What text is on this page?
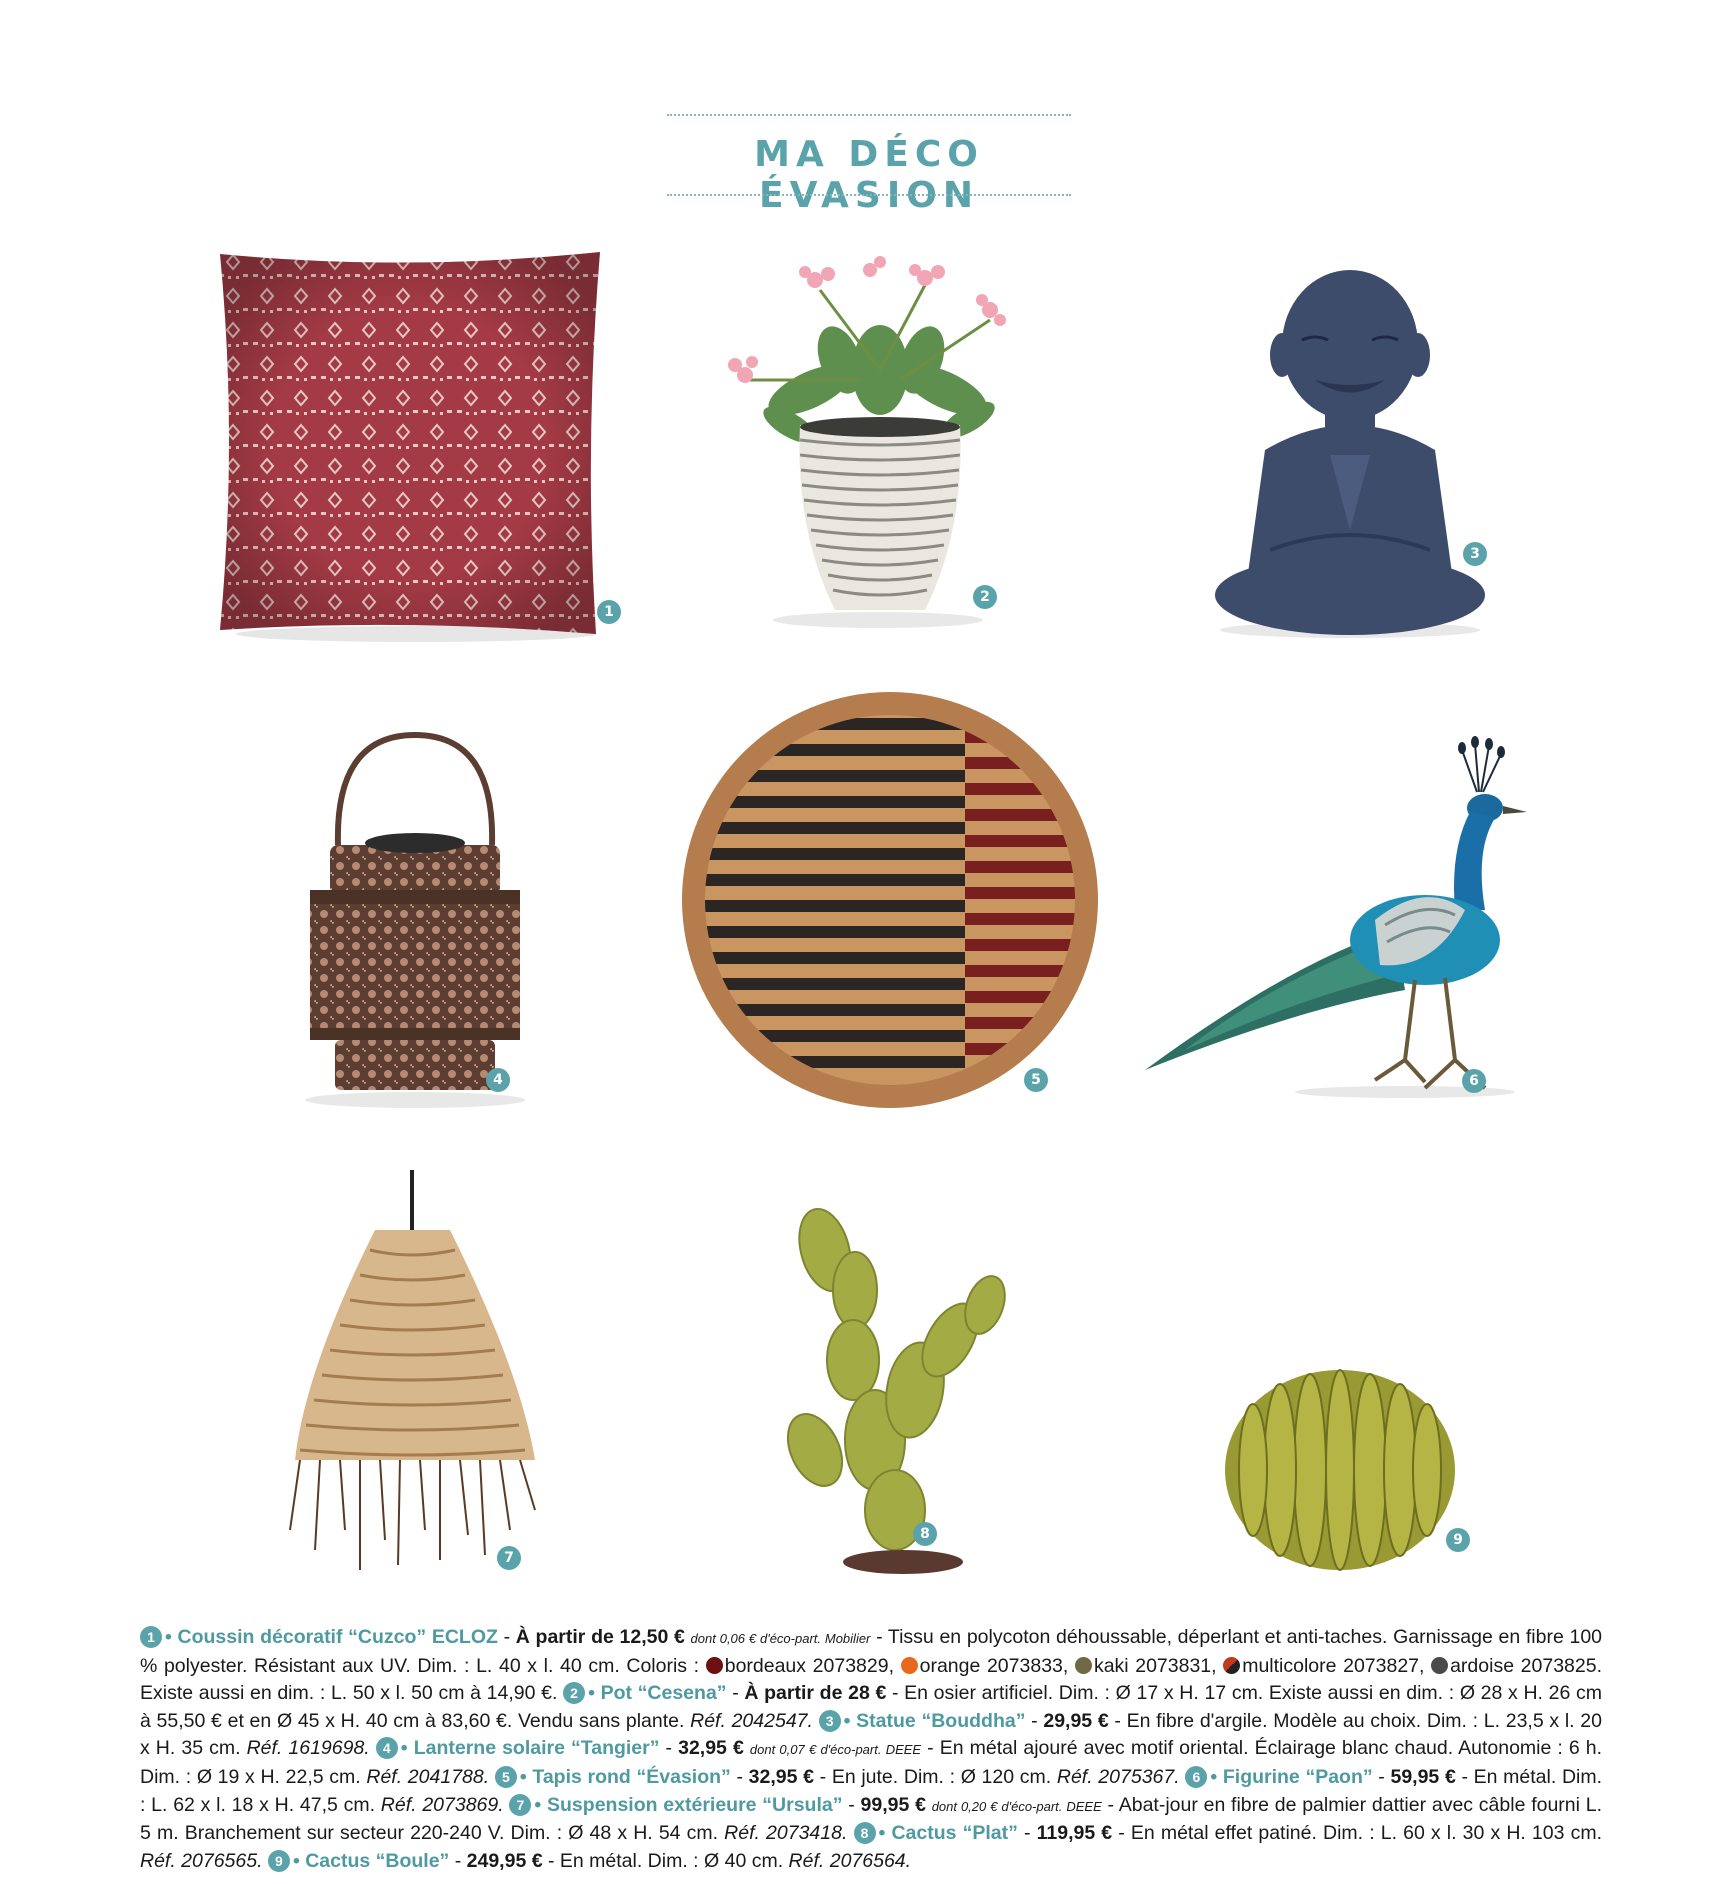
MA DÉCO ÉVASION
1
2
3
4	5	6
7
8	9
1 • Coussin décoratif “Cuzco” ECLOZ - À partir de 12,50 € dont 0,06 € d'éco-part. Mobilier - Tissu en polycoton déhoussable, déperlant et anti-taches. Garnissage en fibre 100 % polyester. Résistant aux UV. Dim. : L. 40 x l. 40 cm. Coloris : bordeaux 2073829, orange 2073833, kaki 2073831, multicolore 2073827, ardoise 2073825. Existe aussi en dim. : L. 50 x l. 50 cm à 14,90 €. 2 • Pot “Cesena” - À partir de 28 € - En osier artificiel. Dim. : Ø 17 x H. 17 cm. Existe aussi en dim. : Ø 28 x H. 26 cm à 55,50 € et en Ø 45 x H. 40 cm à 83,60 €. Vendu sans plante. Réf. 2042547. 3 • Statue “Bouddha” - 29,95 € - En fibre d'argile. Modèle au choix. Dim. : L. 23,5 x l. 20 x H. 35 cm. Réf. 1619698. 4 • Lanterne solaire “Tangier” - 32,95 € dont 0,07 € d'éco-part. DEEE - En métal ajouré avec motif oriental. Éclairage blanc chaud. Autonomie : 6 h. Dim. : Ø 19 x H. 22,5 cm. Réf. 2041788. 5 • Tapis rond “Évasion” - 32,95 € - En jute. Dim. : Ø 120 cm. Réf. 2075367. 6 • Figurine “Paon” - 59,95 € - En métal. Dim. : L. 62 x l. 18 x H. 47,5 cm. Réf. 2073869. 7 • Suspension extérieure “Ursula” - 99,95 € dont 0,20 € d'éco-part. DEEE - Abat-jour en fibre de palmier dattier avec câble fourni L. 5 m. Branchement sur secteur 220-240 V. Dim. : Ø 48 x H. 54 cm. Réf. 2073418. 8 • Cactus “Plat” - 119,95 € - En métal effet patiné. Dim. : L. 60 x l. 30 x H. 103 cm. Réf. 2076565. 9 • Cactus “Boule” - 249,95 € - En métal. Dim. : Ø 40 cm. Réf. 2076564.
